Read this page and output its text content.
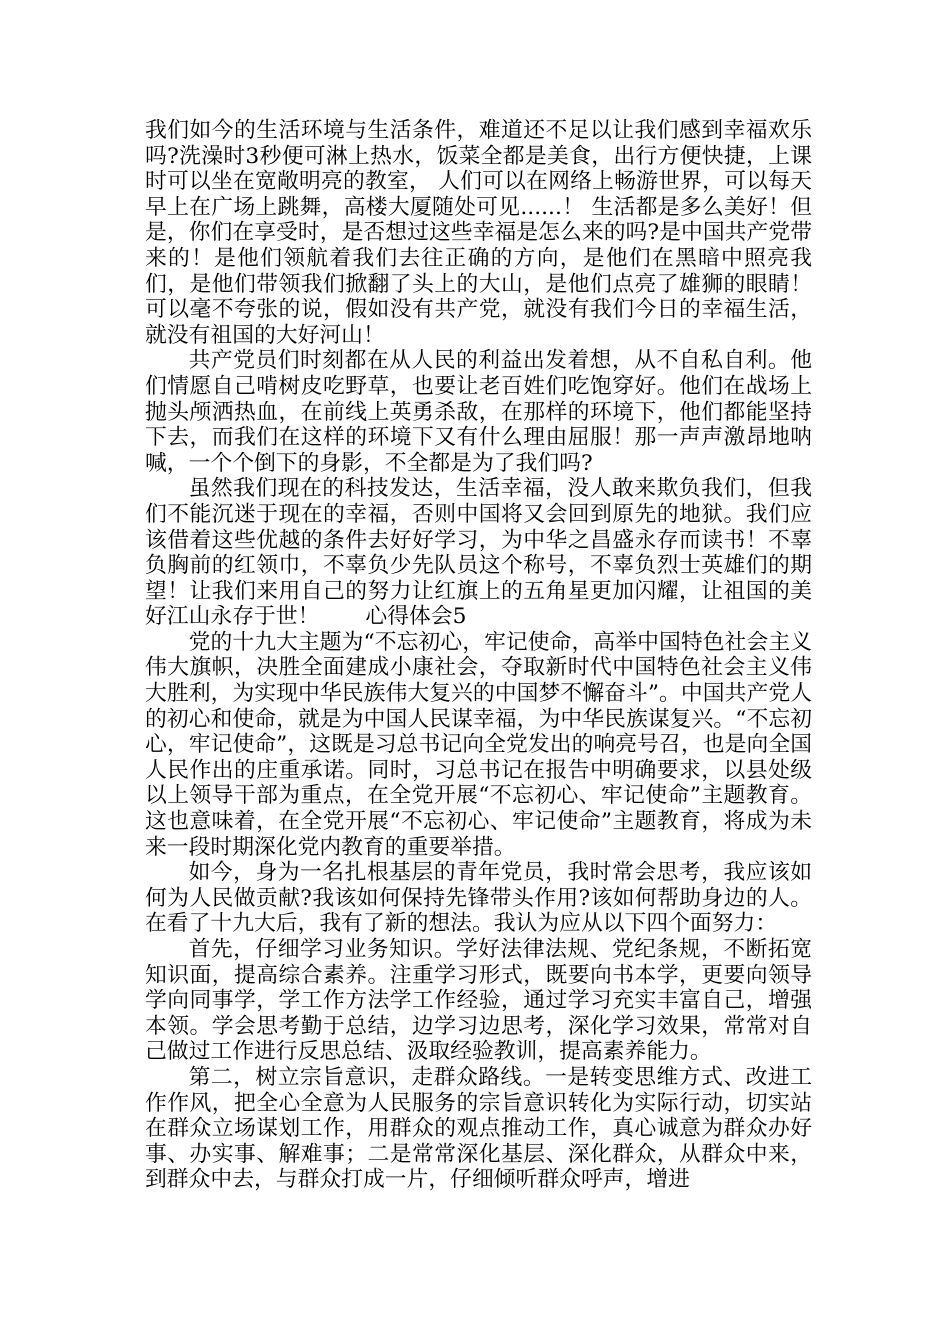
我们如今的生活环境与生活条件，难道还不足以让我们感到幸福欢乐吗?洗澡时3秒便可淋上热水，饭菜全都是美食，出行方便快捷，上课时可以坐在宽敞明亮的教室， 人们可以在网络上畅游世界，可以每天早上在广场上跳舞，高楼大厦随处可见......！ 生活都是多么美好！但是，你们在享受时，是否想过这些幸福是怎么来的吗?是中国共产党带来的！是他们领航着我们去往正确的方向，是他们在黑暗中照亮我们，是他们带领我们掀翻了头上的大山，是他们点亮了雄狮的眼睛！可以毫不夸张的说，假如没有共产党，就没有我们今日的幸福生活，就没有祖国的大好河山！

共产党员们时刻都在从人民的利益出发着想，从不自私自利。他们情愿自己啃树皮吃野草，也要让老百姓们吃饱穿好。他们在战场上抛头颅洒热血，在前线上英勇杀敌，在那样的环境下，他们都能坚持下去，而我们在这样的环境下又有什么理由屈服！那一声声激昂地呐喊，一个个倒下的身影，不全都是为了我们吗?

虽然我们现在的科技发达，生活幸福，没人敢来欺负我们，但我们不能沉迷于现在的幸福，否则中国将又会回到原先的地狱。我们应该借着这些优越的条件去好好学习，为中华之昌盛永存而读书！不辜负胸前的红领巾，不辜负少先队员这个称号，不辜负烈士英雄们的期望！让我们来用自己的努力让红旗上的五角星更加闪耀，让祖国的美好江山永存于世！ 心得体会5

党的十九大主题为“不忘初心，牢记使命，高举中国特色社会主义伟大旗帜，决胜全面建成小康社会，夺取新时代中国特色社会主义伟大胜利，为实现中华民族伟大复兴的中国梦不懈奋斗”。中国共产党人的初心和使命，就是为中国人民谋幸福，为中华民族谋复兴。“不忘初心，牢记使命”，这既是习总书记向全党发出的响亮号召，也是向全国人民作出的庄重承诺。同时，习总书记在报告中明确要求，以县处级以上领导干部为重点，在全党开展“不忘初心、牢记使命”主题教育。这也意味着，在全党开展“不忘初心、牢记使命”主题教育，将成为未来一段时期深化党内教育的重要举措。

如今，身为一名扎根基层的青年党员，我时常会思考，我应该如何为人民做贡献?我该如何保持先锋带头作用?该如何帮助身边的人。在看了十九大后，我有了新的想法。我认为应从以下四个面努力：

首先，仔细学习业务知识。学好法律法规、党纪条规，不断拓宽知识面，提高综合素养。注重学习形式，既要向书本学，更要向领导学向同事学，学工作方法学工作经验，通过学习充实丰富自己，增强本领。学会思考勤于总结，边学习边思考，深化学习效果，常常对自己做过工作进行反思总结、汲取经验教训，提高素养能力。

第二，树立宗旨意识，走群众路线。一是转变思维方式、改进工作作风，把全心全意为人民服务的宗旨意识转化为实际行动，切实站在群众立场谋划工作，用群众的观点推动工作，真心诚意为群众办好事、办实事、解难事；二是常常深化基层、深化群众，从群众中来，到群众中去，与群众打成一片，仔细倾听群众呼声，增进
